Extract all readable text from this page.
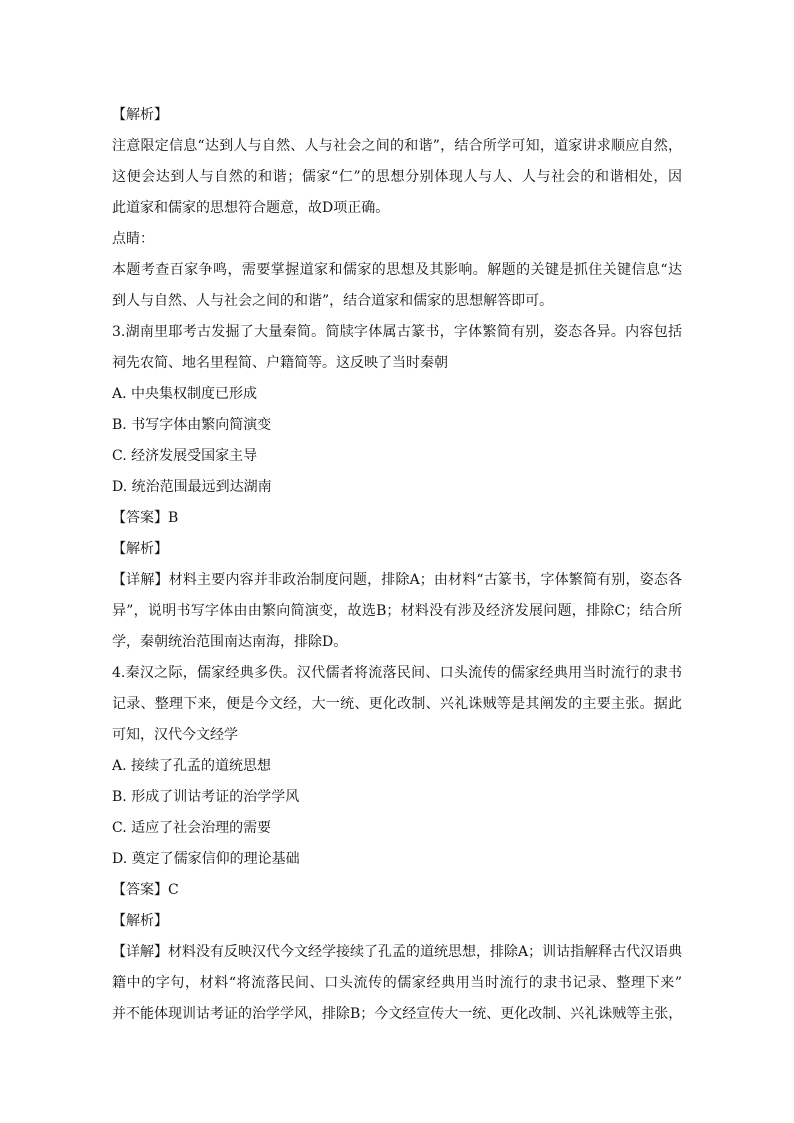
【解析】
注意限定信息“达到人与自然、人与社会之间的和谐”，结合所学可知，道家讲求顺应自然，
这便会达到人与自然的和谐；儒家“仁”的思想分别体现人与人、人与社会的和谐相处，因
此道家和儒家的思想符合题意，故D项正确。
点睛：
本题考查百家争鸣，需要掌握道家和儒家的思想及其影响。解题的关键是抓住关键信息“达
到人与自然、人与社会之间的和谐”，结合道家和儒家的思想解答即可。
3.湖南里耶考古发掘了大量秦简。简牍字体属古篆书，字体繁简有别，姿态各异。内容包括
祠先农简、地名里程简、户籍简等。这反映了当时秦朝
A. 中央集权制度已形成
B. 书写字体由繁向简演变
C. 经济发展受国家主导
D. 统治范围最远到达湖南
【答案】B
【解析】
【详解】材料主要内容并非政治制度问题，排除A；由材料“古篆书，字体繁简有别，姿态各
异”，说明书写字体由由繁向简演变，故选B；材料没有涉及经济发展问题，排除C；结合所
学，秦朝统治范围南达南海，排除D。
4.秦汉之际，儒家经典多佚。汉代儒者将流落民间、口头流传的儒家经典用当时流行的隶书
记录、整理下来，便是今文经，大一统、更化改制、兴礼诛贼等是其阐发的主要主张。据此
可知，汉代今文经学
A. 接续了孔孟的道统思想
B. 形成了训诂考证的治学学风
C. 适应了社会治理的需要
D. 奠定了儒家信仰的理论基础
【答案】C
【解析】
【详解】材料没有反映汉代今文经学接续了孔孟的道统思想，排除A；训诂指解释古代汉语典
籍中的字句，材料“将流落民间、口头流传的儒家经典用当时流行的隶书记录、整理下来”
并不能体现训诂考证的治学学风，排除B；今文经宣传大一统、更化改制、兴礼诛贼等主张，
